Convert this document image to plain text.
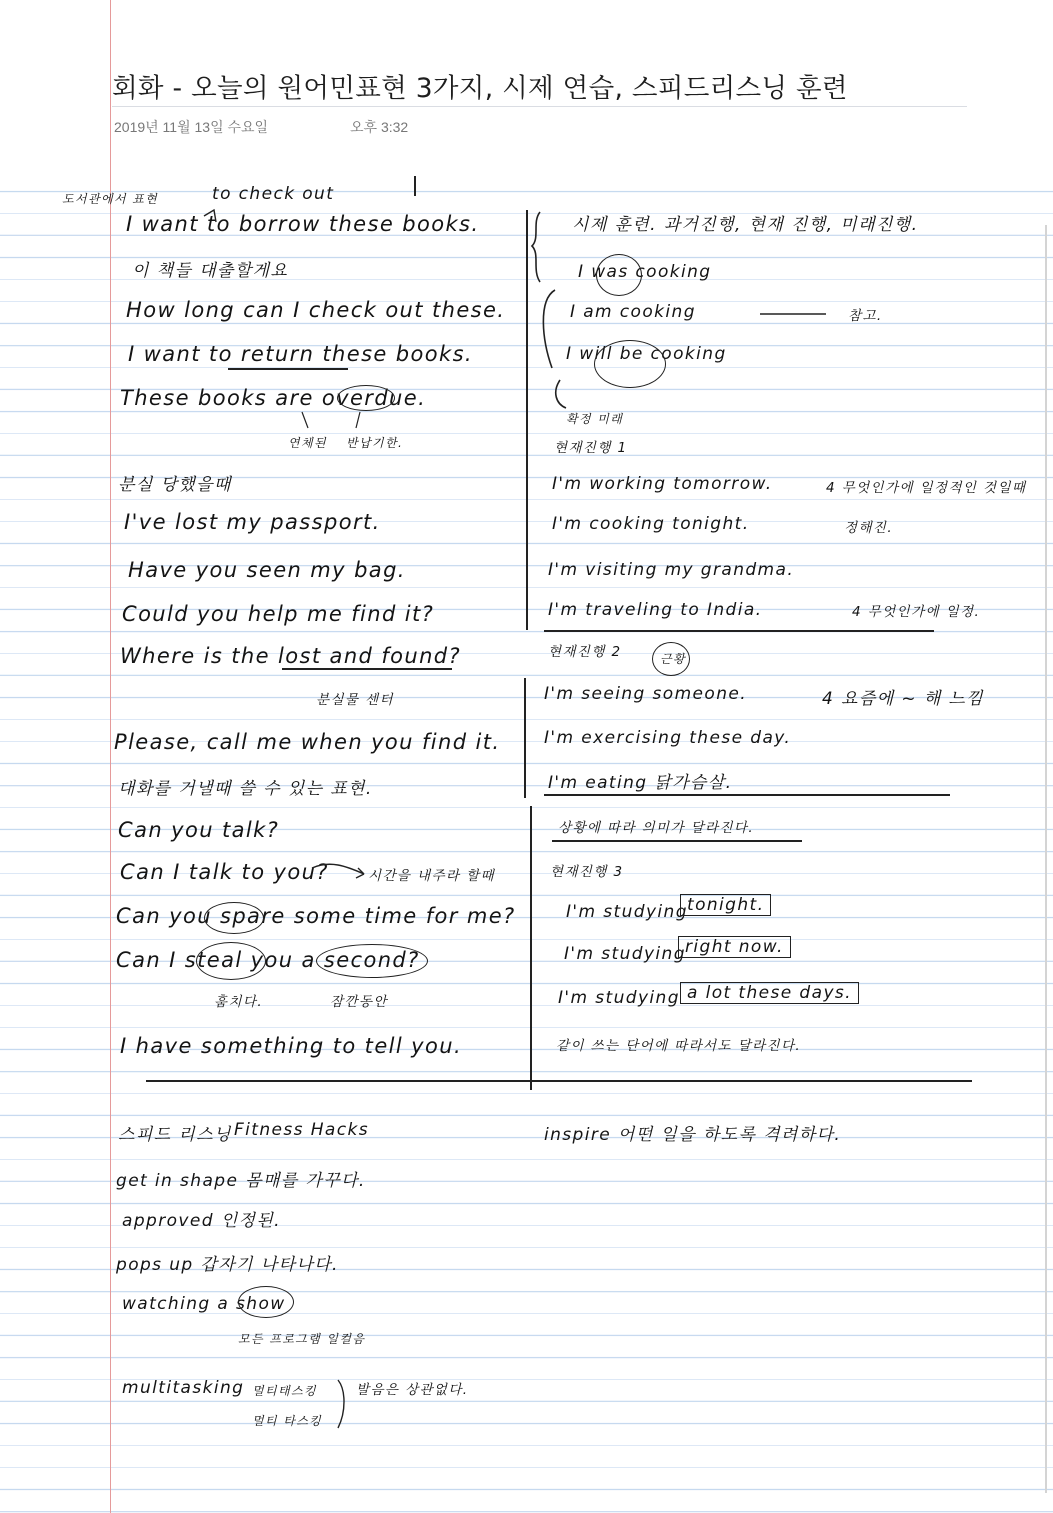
회화 - 오늘의 원어민표현 3가지, 시제 연습, 스피드리스닝 훈련
2019년 11월 13일 수요일	오후 3:32
도서관에서 표현	to check out
I want to borrow these books.
이 책들 대출할게요
How long can I check out these.
I want to return these books.
These books are overdue.
연체된 반납기한.
분실 당했을때
I've lost my passport.
Have you seen my bag.
Could you help me find it?
Where is the lost and found?
분실물 센터
Please, call me when you find it.
대화를 거낼때 쓸 수 있는 표현.
Can you talk?
Can I talk to you?	시간을 내주라 할때
Can you spare some time for me?
Can I steal you a second?
훔치다.	잠깐동안
I have something to tell you.
시제 훈련. 과거진행, 현재 진행, 미래진행.
I was cooking
I am cooking	참고.
I will be cooking
확정 미래
현재진행 1
I'm working tomorrow.	4 무엇인가에 일정적인 것일때
I'm cooking tonight.	정해진.
I'm visiting my grandma.
I'm traveling to India.	4 무엇인가에 일정.
현재진행 2	근황
I'm seeing someone.	4 요즘에 ~ 해 느낌
I'm exercising these day.
I'm eating 닭가슴살.
상황에 따라 의미가 달라진다.
현재진행 3
I'm studying tonight.
I'm studying right now.
I'm studying a lot these days.
같이 쓰는 단어에 따라서도 달라진다.
스피드 리스닝 Fitness Hacks
get in shape 몸매를 가꾸다.
approved 인정된.
pops up 갑자기 나타나다.
watching a show
모든 프로그램 일컬음
multitasking 멀티태스킹
멀티 타스킹
발음은 상관없다.
inspire 어떤 일을 하도록 격려하다.
